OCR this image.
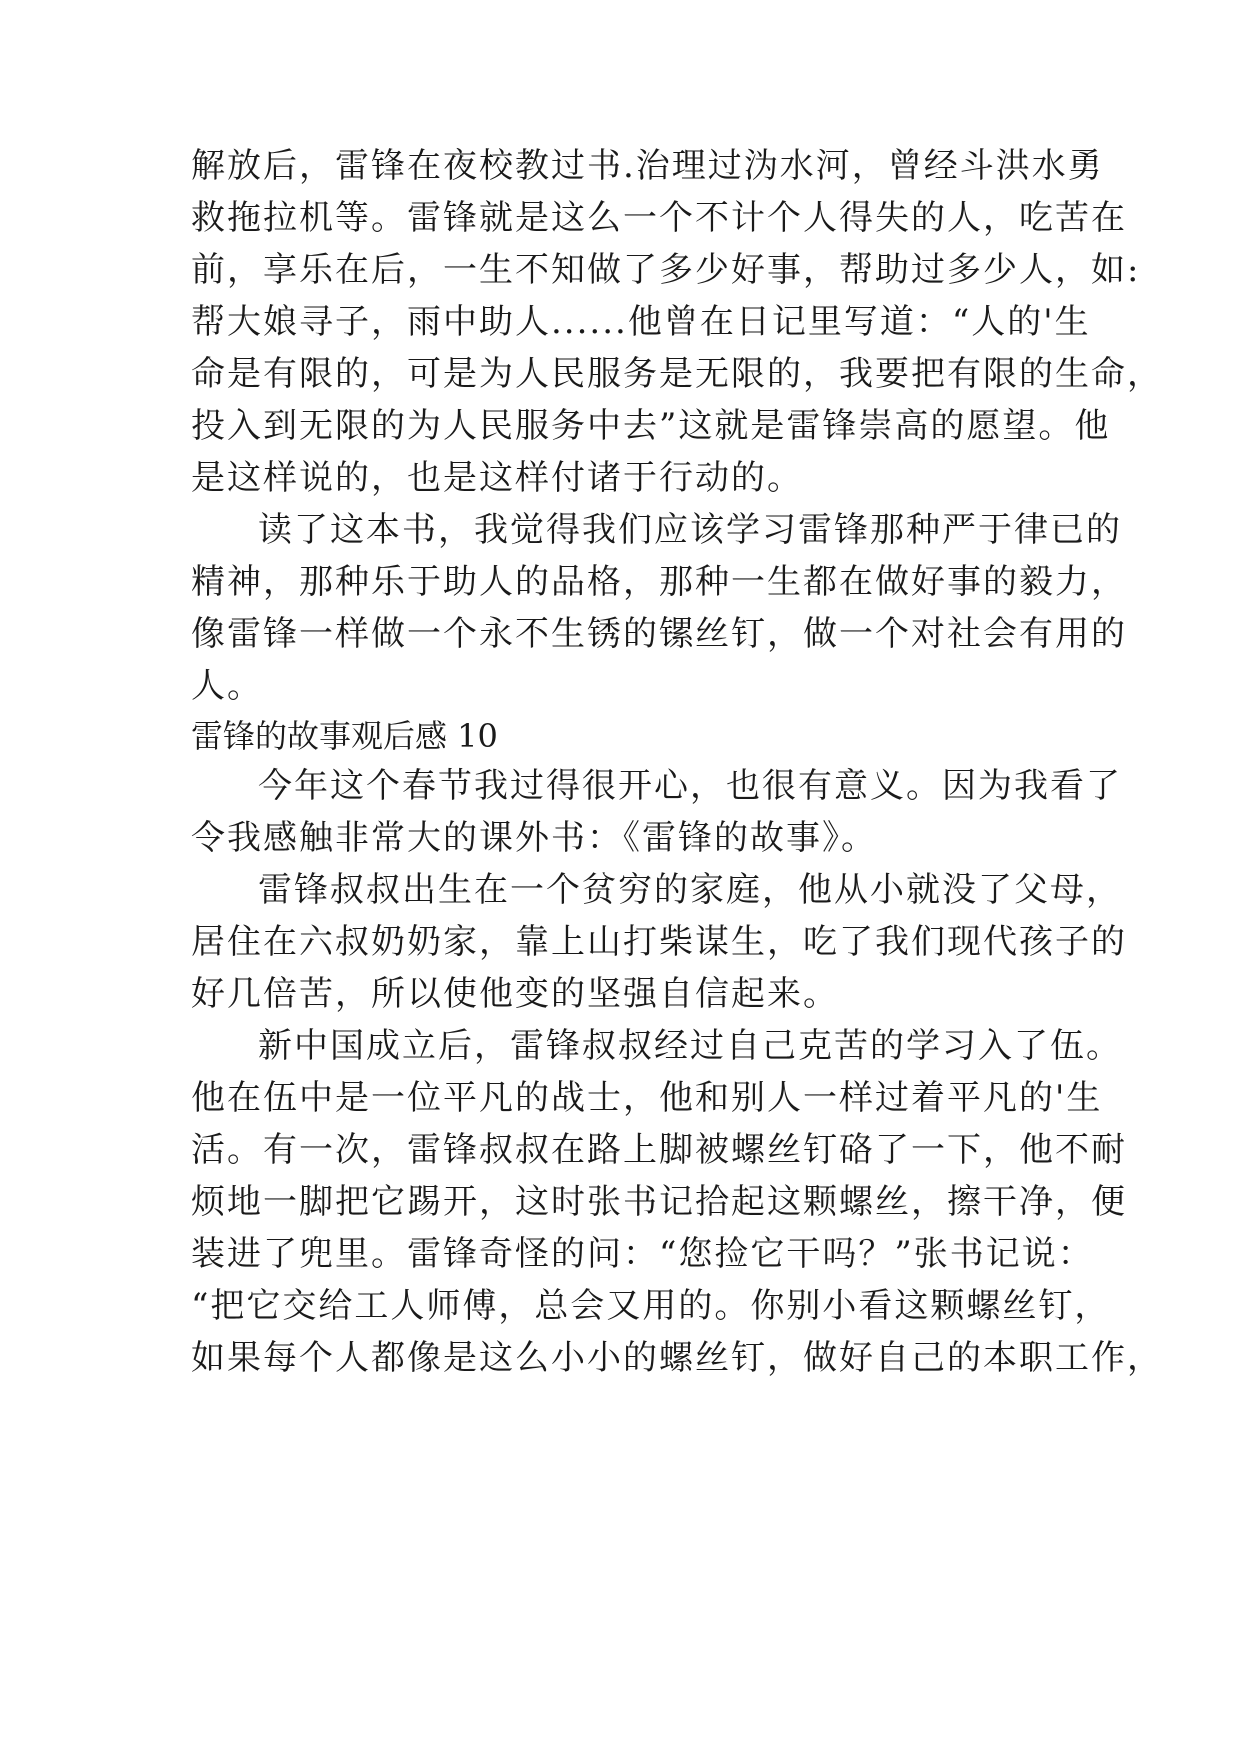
解放后，雷锋在夜校教过书.治理过沩水河，曾经斗洪水勇
救拖拉机等。雷锋就是这么一个不计个人得失的人，吃苦在
前，享乐在后，一生不知做了多少好事，帮助过多少人，如:
帮大娘寻子，雨中助人......他曾在日记里写道：“人的'生
命是有限的，可是为人民服务是无限的，我要把有限的生命，
投入到无限的为人民服务中去”这就是雷锋崇高的愿望。他
是这样说的，也是这样付诸于行动的。
读了这本书，我觉得我们应该学习雷锋那种严于律已的
精神，那种乐于助人的品格，那种一生都在做好事的毅力，
像雷锋一样做一个永不生锈的镙丝钉，做一个对社会有用的
人。
雷锋的故事观后感 10
今年这个春节我过得很开心，也很有意义。因为我看了
令我感触非常大的课外书：《雷锋的故事》。
雷锋叔叔出生在一个贫穷的家庭，他从小就没了父母，
居住在六叔奶奶家，靠上山打柴谋生，吃了我们现代孩子的
好几倍苦，所以使他变的坚强自信起来。
新中国成立后，雷锋叔叔经过自己克苦的学习入了伍。
他在伍中是一位平凡的战士，他和别人一样过着平凡的'生
活。有一次，雷锋叔叔在路上脚被螺丝钉硌了一下，他不耐
烦地一脚把它踢开，这时张书记拾起这颗螺丝，擦干净，便
装进了兜里。雷锋奇怪的问：“您捡它干吗？”张书记说：
“把它交给工人师傅，总会又用的。你别小看这颗螺丝钉，
如果每个人都像是这么小小的螺丝钉，做好自己的本职工作，
